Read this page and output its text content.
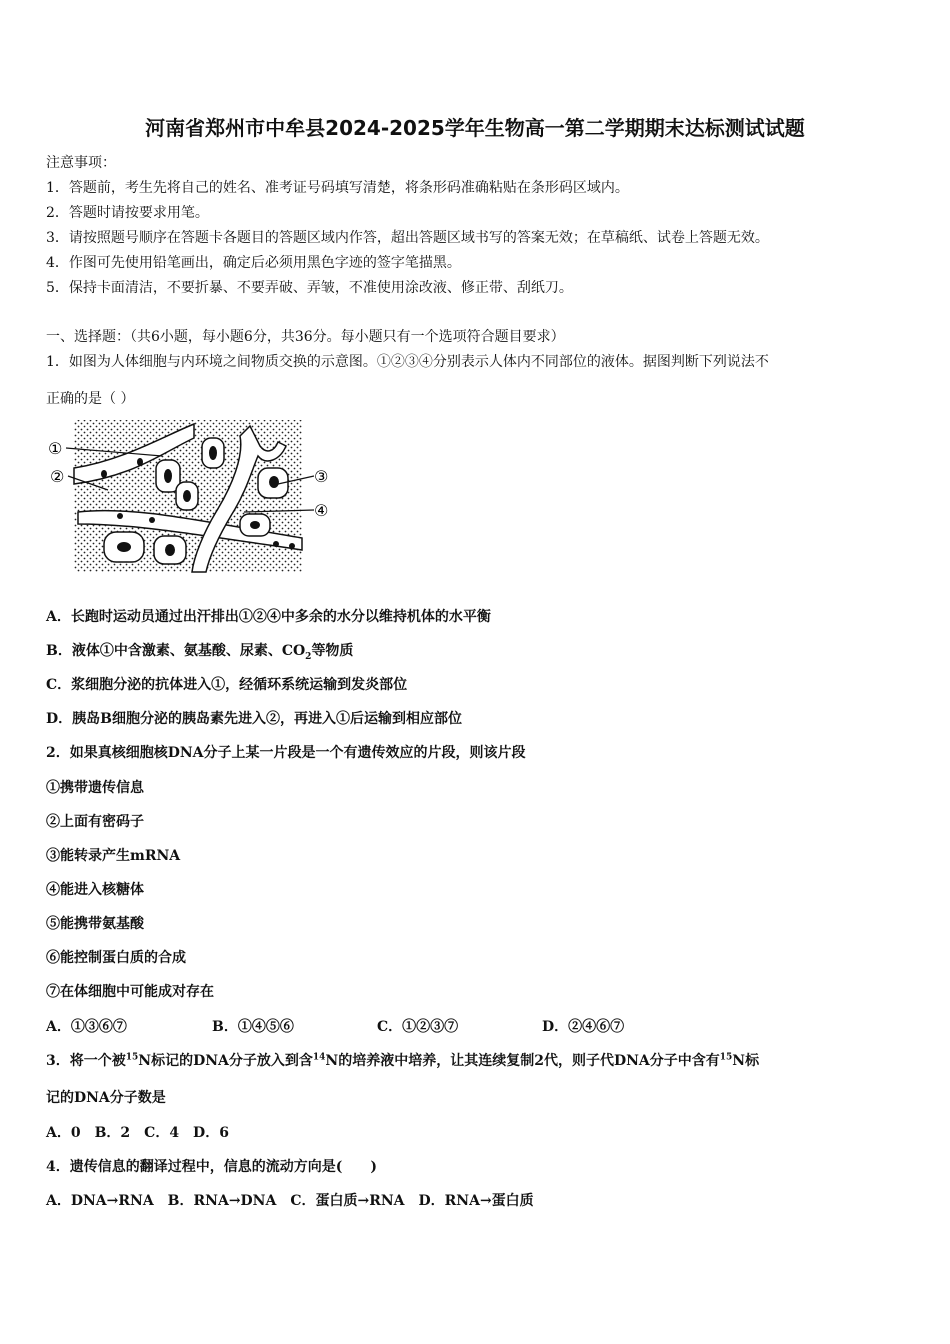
河南省郑州市中牟县2024-2025学年生物高一第二学期期末达标测试试题
注意事项：
1．答题前，考生先将自己的姓名、准考证号码填写清楚，将条形码准确粘贴在条形码区域内。
2．答题时请按要求用笔。
3．请按照题号顺序在答题卡各题目的答题区域内作答，超出答题区域书写的答案无效；在草稿纸、试卷上答题无效。
4．作图可先使用铅笔画出，确定后必须用黑色字迹的签字笔描黑。
5．保持卡面清洁，不要折暴、不要弄破、弄皱，不准使用涂改液、修正带、刮纸刀。
一、选择题：（共6小题，每小题6分，共36分。每小题只有一个选项符合题目要求）
1．如图为人体细胞与内环境之间物质交换的示意图。①②③④分别表示人体内不同部位的液体。据图判断下列说法不
正确的是（ ）
①
②	③
④
A．长跑时运动员通过出汗排出①②④中多余的水分以维持机体的水平衡
B．液体①中含激素、氨基酸、尿素、$CO_2$等物质
C．浆细胞分泌的抗体进入①，经循环系统运输到发炎部位
D．胰岛B细胞分泌的胰岛素先进入②，再进入①后运输到相应部位
2．如果真核细胞核DNA分子上某一片段是一个有遗传效应的片段，则该片段
①携带遗传信息
②上面有密码子
③能转录产生mRNA
④能进入核糖体
⑤能携带氨基酸
⑥能控制蛋白质的合成
⑦在体细胞中可能成对存在
A．①③⑥⑦	B．①④⑤⑥	C．①②③⑦	D．②④⑥⑦
3．将一个被$^{15}$N标记的DNA分子放入到含$^{14}$N的培养液中培养，让其连续复制2代，则子代DNA分子中含有$^{15}$N标
记的DNA分子数是
A．0　B．2　C．4　D．6
4．遗传信息的翻译过程中，信息的流动方向是(　　)
A．DNA→RNA　B．RNA→DNA　C．蛋白质→RNA　D．RNA→蛋白质
